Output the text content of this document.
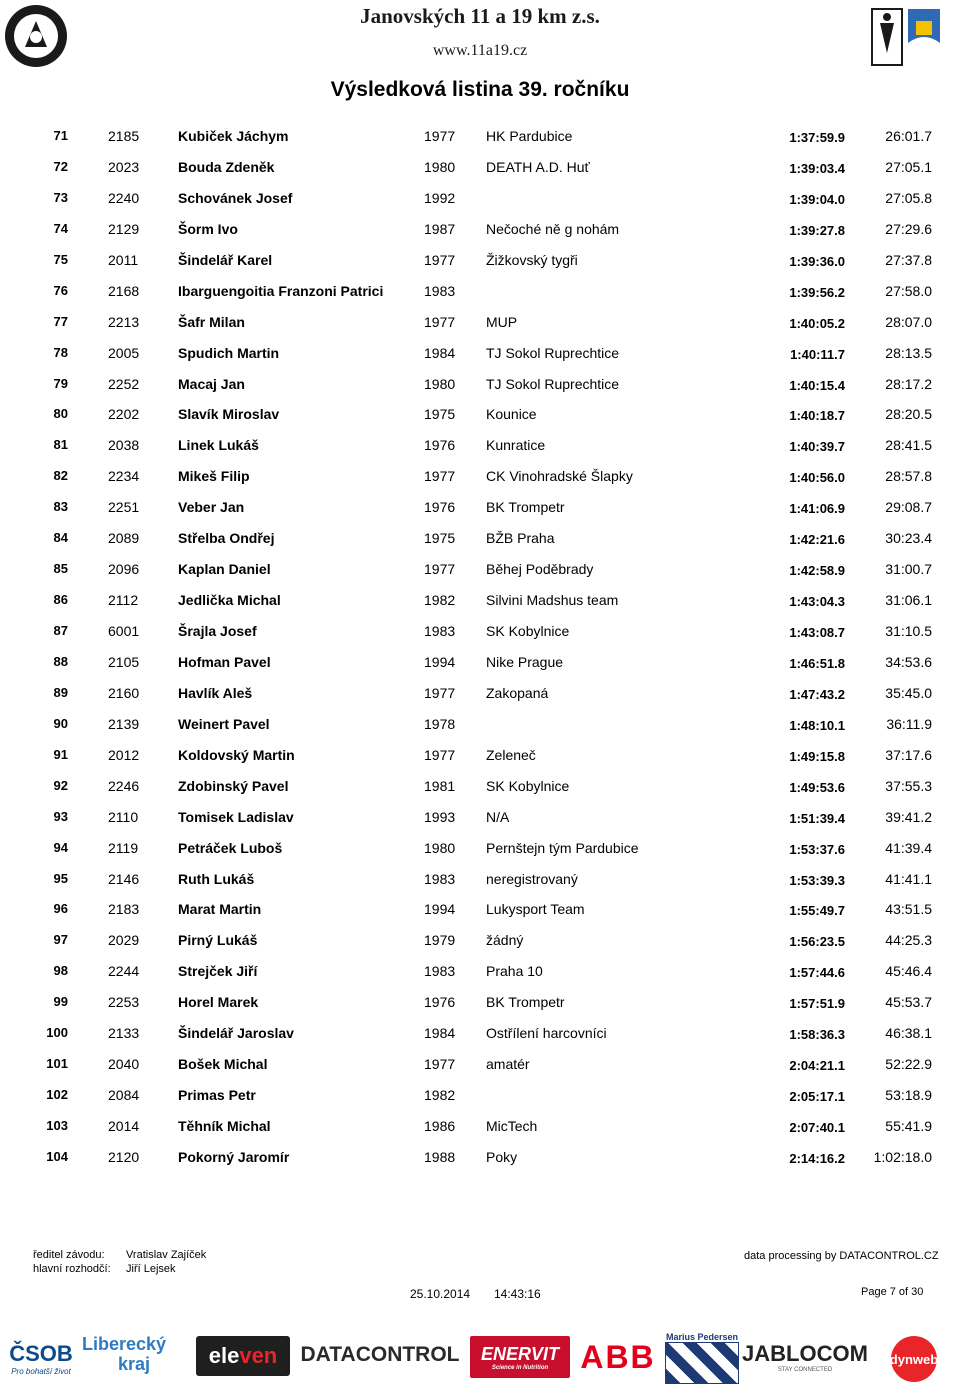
Janovských 11 a 19 km z.s.
www.11a19.cz
Výsledková listina 39. ročníku
71	2185	Kubiček Jáchym	1977 HK Pardubice	1:37:59.9	26:01.7
72	2023	Bouda Zdeněk	1980 DEATH A.D. Huť	1:39:03.4	27:05.1
73	2240	Schovánek Josef	1992	1:39:04.0	27:05.8
74	2129	Šorm Ivo	1987 Nečoché ně g nohám	1:39:27.8	27:29.6
75	2011	Šindelář Karel	1977 Žižkovský tygři	1:39:36.0	27:37.8
76	2168	Ibarguengoitia Franzoni Patrici	1983	1:39:56.2	27:58.0
77	2213	Šafr Milan	1977 MUP	1:40:05.2	28:07.0
78	2005	Spudich Martin	1984 TJ Sokol Ruprechtice	1:40:11.7	28:13.5
79	2252	Macaj Jan	1980 TJ Sokol Ruprechtice	1:40:15.4	28:17.2
80	2202	Slavík Miroslav	1975 Kounice	1:40:18.7	28:20.5
81	2038	Linek Lukáš	1976 Kunratice	1:40:39.7	28:41.5
82	2234	Mikeš Filip	1977 CK Vinohradské Šlapky	1:40:56.0	28:57.8
83	2251	Veber Jan	1976 BK Trompetr	1:41:06.9	29:08.7
84	2089	Střelba Ondřej	1975 BŽB Praha	1:42:21.6	30:23.4
85	2096	Kaplan Daniel	1977 Běhej Poděbrady	1:42:58.9	31:00.7
86	2112	Jedlička Michal	1982 Silvini Madshus team	1:43:04.3	31:06.1
87	6001	Šrajla Josef	1983 SK Kobylnice	1:43:08.7	31:10.5
88	2105	Hofman Pavel	1994 Nike Prague	1:46:51.8	34:53.6
89	2160	Havlík Aleš	1977 Zakopaná	1:47:43.2	35:45.0
90	2139	Weinert Pavel	1978	1:48:10.1	36:11.9
91	2012	Koldovský Martin	1977 Zeleneč	1:49:15.8	37:17.6
92	2246	Zdobinský Pavel	1981 SK Kobylnice	1:49:53.6	37:55.3
93	2110	Tomisek Ladislav	1993 N/A	1:51:39.4	39:41.2
94	2119	Petráček Luboš	1980 Pernštejn tým Pardubice	1:53:37.6	41:39.4
95	2146	Ruth Lukáš	1983 neregistrovaný	1:53:39.3	41:41.1
96	2183	Marat Martin	1994 Lukysport Team	1:55:49.7	43:51.5
97	2029	Pirný Lukáš	1979 žádný	1:56:23.5	44:25.3
98	2244	Strejček Jiří	1983 Praha 10	1:57:44.6	45:46.4
99	2253	Horel Marek	1976 BK Trompetr	1:57:51.9	45:53.7
100	2133	Šindelář Jaroslav	1984 Ostřílení harcovníci	1:58:36.3	46:38.1
101	2040	Bošek Michal	1977 amatér	2:04:21.1	52:22.9
102	2084	Primas Petr	1982	2:05:17.1	53:18.9
103	2014	Těhník Michal	1986 MicTech	2:07:40.1	55:41.9
104	2120	Pokorný Jaromír	1988 Poky	2:14:16.2	1:02:18.0
ředitel závodu:
hlavní rozhodčí:
Vratislav Zajíček
Jiří Lejsek
data processing by DATACONTROL.CZ
25.10.2014 14:43:16	Page 7 of 30
ČSOB
Pro bohatší život
Liberecký
kraj	ele ven DATACONTROL ENERVIT
Science in Nutrition ABB
Marius Pedersen
JABLOCOM
STAY CONNECTED
dynweb
